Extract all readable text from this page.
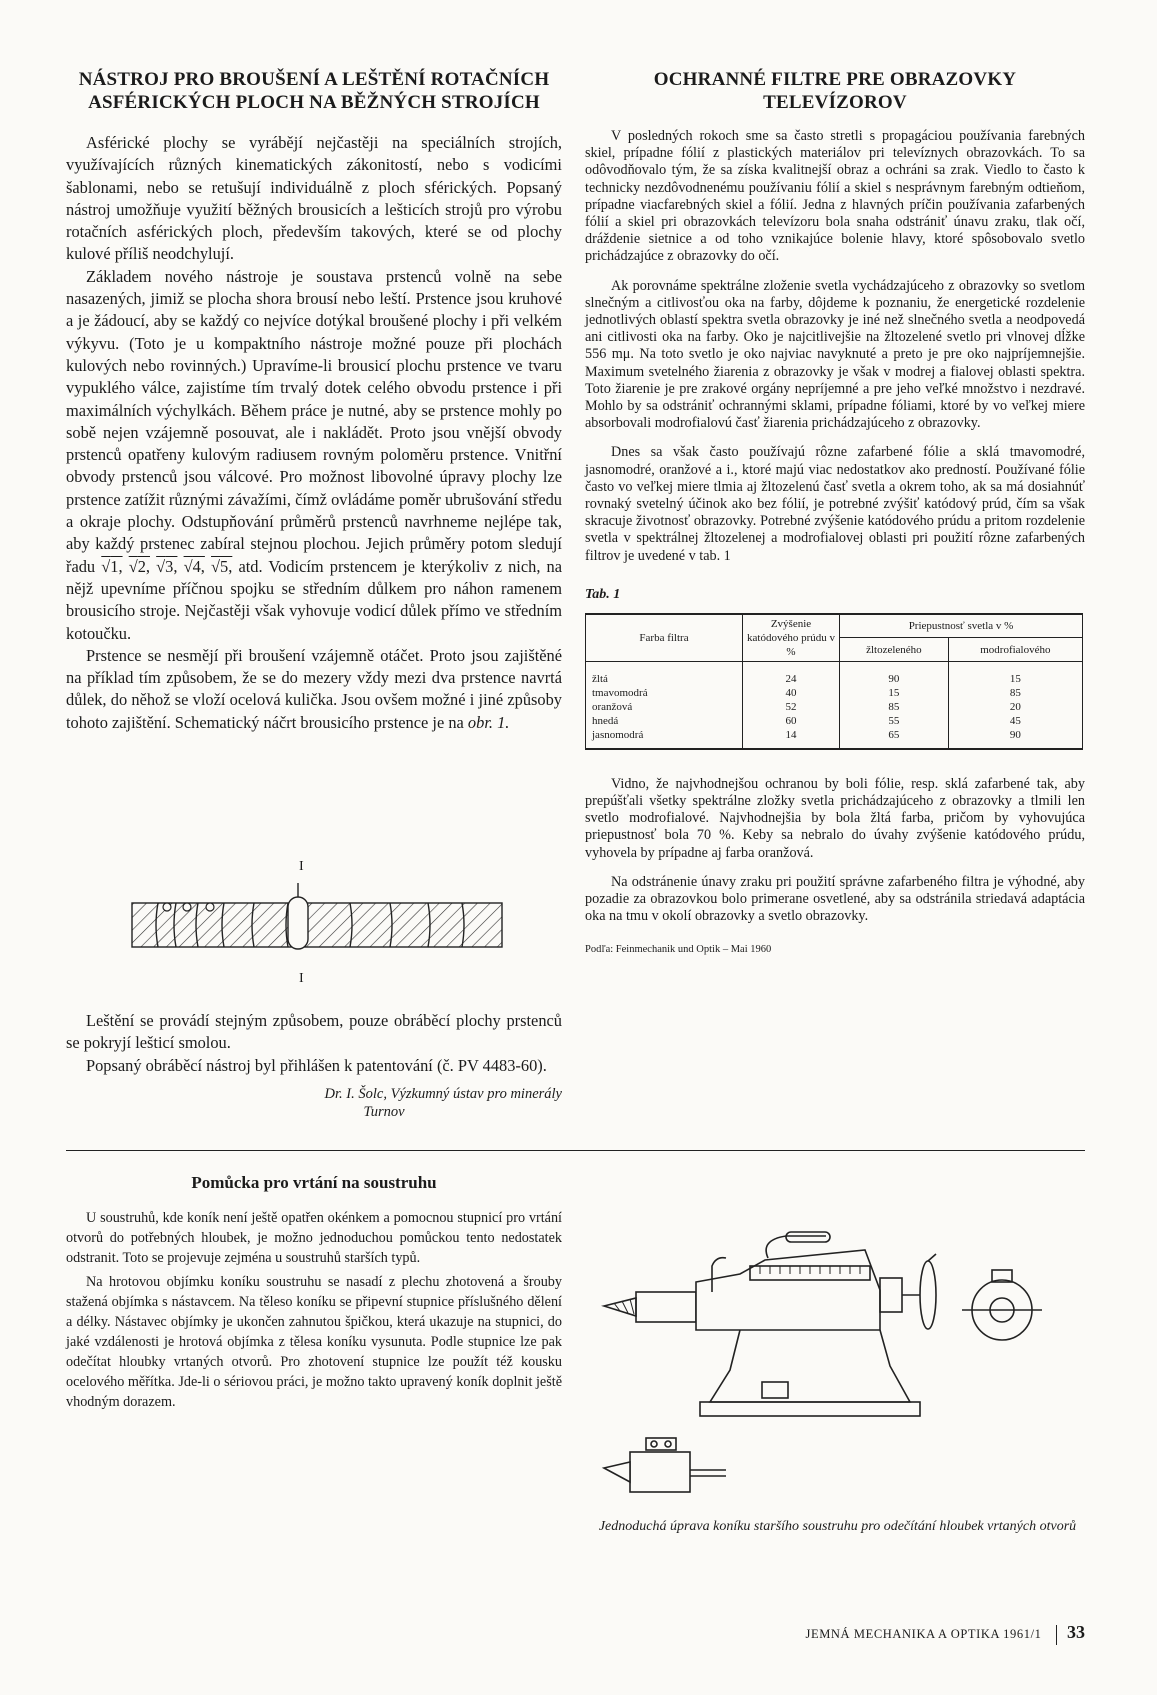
NÁSTROJ PRO BROUŠENÍ A LEŠTĚNÍ ROTAČNÍCH ASFÉRICKÝCH PLOCH NA BĚŽNÝCH STROJÍCH

Asférické plochy se vyrábějí nejčastěji na speciálních strojích, využívajících různých kinematických zákonitostí, nebo s vodicími šablonami, nebo se retušují individuálně z ploch sférických. Popsaný nástroj umožňuje využití běžných brousicích a lešticích strojů pro výrobu rotačních asférických ploch, především takových, které se od plochy kulové příliš neodchylují.

Základem nového nástroje je soustava prstenců volně na sebe nasazených, jimiž se plocha shora brousí nebo leští. Prstence jsou kruhové a je žádoucí, aby se každý co nejvíce dotýkal broušené plochy i při velkém výkyvu. (Toto je u kompaktního nástroje možné pouze při plochách kulových nebo rovinných.) Upravíme-li brousicí plochu prstence ve tvaru vypuklého válce, zajistíme tím trvalý dotek celého obvodu prstence i při maximálních výchylkách. Během práce je nutné, aby se prstence mohly po sobě nejen vzájemně posouvat, ale i nakládět. Proto jsou vnější obvody prstenců opatřeny kulovým radiusem rovným poloměru prstence. Vnitřní obvody prstenců jsou válcové. Pro možnost libovolné úpravy plochy lze prstence zatížit různými závažími, čímž ovládáme poměr ubrušování středu a okraje plochy. Odstupňování průměrů prstenců navrhneme nejlépe tak, aby každý prstenec zabíral stejnou plochou. Jejich průměry potom sledují řadu √1, √2, √3, √4, √5, atd. Vodicím prstencem je kterýkoliv z nich, na nějž upevníme příčnou spojku se středním důlkem pro náhon ramenem brousicího stroje. Nejčastěji však vyhovuje vodicí důlek přímo ve středním kotoučku.

Prstence se nesmějí při broušení vzájemně otáčet. Proto jsou zajištěné na příklad tím způsobem, že se do mezery vždy mezi dva prstence navrtá důlek, do něhož se vloží ocelová kulička. Jsou ovšem možné i jiné způsoby tohoto zajištění. Schematický náčrt brousicího prstence je na obr. 1.

I
I

Leštění se provádí stejným způsobem, pouze obráběcí plochy prstenců se pokryjí lešticí smolou.

Popsaný obráběcí nástroj byl přihlášen k patentování (č. PV 4483-60).

Dr. I. Šolc, Výzkumný ústav pro minerály
Turnov
OCHRANNÉ FILTRE PRE OBRAZOVKY TELEVÍZOROV

V posledných rokoch sme sa často stretli s propagáciou používania farebných skiel, prípadne fólií z plastických materiálov pri televíznych obrazovkách. To sa odôvodňovalo tým, že sa získa kvalitnejší obraz a ochráni sa zrak. Viedlo to často k technicky nezdôvodnenému používaniu fólií a skiel s nesprávnym farebným odtieňom, prípadne viacfarebných skiel a fólií. Jedna z hlavných príčin používania zafarbených fólií a skiel pri obrazovkách televízoru bola snaha odstrániť únavu zraku, tlak očí, dráždenie sietnice a od toho vznikajúce bolenie hlavy, ktoré spôsobovalo svetlo prichádzajúce z obrazovky do očí.

Ak porovnáme spektrálne zloženie svetla vychádzajúceho z obrazovky so svetlom slnečným a citlivosťou oka na farby, dôjdeme k poznaniu, že energetické rozdelenie jednotlivých oblastí spektra svetla obrazovky je iné než slnečného svetla a neodpovedá ani citlivosti oka na farby. Oko je najcitlivejšie na žltozelené svetlo pri vlnovej dĺžke 556 mμ. Na toto svetlo je oko najviac navyknuté a preto je pre oko najpríjemnejšie. Maximum svetelného žiarenia z obrazovky je však v modrej a fialovej oblasti spektra. Toto žiarenie je pre zrakové orgány nepríjemné a pre jeho veľké množstvo i nezdravé. Mohlo by sa odstrániť ochrannými sklami, prípadne fóliami, ktoré by vo veľkej miere absorbovali modrofialovú časť žiarenia prichádzajúceho z obrazovky.

Dnes sa však často používajú rôzne zafarbené fólie a sklá tmavomodré, jasnomodré, oranžové a i., ktoré majú viac nedostatkov ako predností. Používané fólie často vo veľkej miere tlmia aj žltozelenú časť svetla a okrem toho, ak sa má dosiahnúť rovnaký svetelný účinok ako bez fólií, je potrebné zvýšiť katódový prúd, čím sa však skracuje životnosť obrazovky. Potrebné zvýšenie katódového prúdu a pritom rozdelenie svetla v spektrálnej žltozelenej a modrofialovej oblasti pri použití rôzne zafarbených filtrov je uvedené v tab. 1

Tab. 1
Farba filtra	Zvýšenie katódového prúdu v %	Priepustnosť svetla v %	
		žltozeleného	modrofialového
žltá	24	90	15
tmavomodrá	40	15	85
oranžová	52	85	20
hnedá	60	55	45
jasnomodrá	14	65	90

Vidno, že najvhodnejšou ochranou by boli fólie, resp. sklá zafarbené tak, aby prepúšťali všetky spektrálne zložky svetla prichádzajúceho z obrazovky a tlmili len svetlo modrofialové. Najvhodnejšia by bola žltá farba, pričom by vyhovujúca priepustnosť bola 70 %. Keby sa nebralo do úvahy zvýšenie katódového prúdu, vyhovela by prípadne aj farba oranžová.

Na odstránenie únavy zraku pri použití správne zafarbeného filtra je výhodné, aby pozadie za obrazovkou bolo primerane osvetlené, aby sa odstránila striedavá adaptácia oka na tmu v okolí obrazovky a svetlo obrazovky.

Podľa: Feinmechanik und Optik – Mai 1960
Pomůcka pro vrtání na soustruhu

U soustruhů, kde koník není ještě opatřen okénkem a pomocnou stupnicí pro vrtání otvorů do potřebných hloubek, je možno jednoduchou pomůckou tento nedostatek odstranit. Toto se projevuje zejména u soustruhů starších typů.

Na hrotovou objímku koníku soustruhu se nasadí z plechu zhotovená a šrouby stažená objímka s nástavcem. Na těleso koníku se připevní stupnice příslušného dělení a délky. Nástavec objímky je ukončen zahnutou špičkou, která ukazuje na stupnici, do jaké vzdálenosti je hrotová objímka z tělesa koníku vysunuta. Podle stupnice lze pak odečítat hloubky vrtaných otvorů. Pro zhotovení stupnice lze použít též kousku ocelového měřítka. Jde-li o sériovou práci, je možno takto upravený koník doplnit ještě vhodným dorazem.

Jednoduchá úprava koníku staršího soustruhu pro odečítání hloubek vrtaných otvorů
JEMNÁ MECHANIKA A OPTIKA 1961/1 33
